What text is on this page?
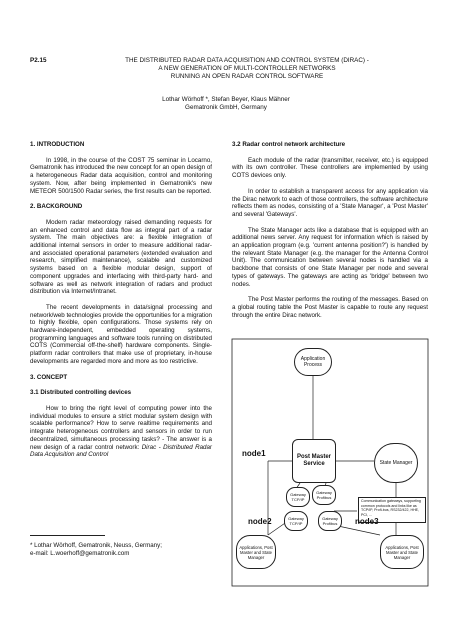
P2.15	THE DISTRIBUTED RADAR DATA ACQUISITION AND CONTROL SYSTEM (DIRAC) -
A NEW GENERATION OF MULTI-CONTROLLER NETWORKS
RUNNING AN OPEN RADAR CONTROL SOFTWARE
Lothar Wörhoff *, Stefan Beyer, Klaus Mähner
Gematronik GmbH, Germany
1. INTRODUCTION

In 1998, in the course of the COST 75 seminar in Locarno, Gematronik has introduced the new concept for an open design of a heterogeneous Radar data acquisition, control and monitoring system. Now, after being implemented in Gematronik's new METEOR 500/1500 Radar series, the first results can be reported.

2. BACKGROUND

Modern radar meteorology raised demanding requests for an enhanced control and data flow as integral part of a radar system. The main objectives are: a flexible integration of additional internal sensors in order to measure additional radar- and associated operational parameters (extended evaluation and research, simplified maintenance), scalable and customized systems based on a flexible modular design, support of component upgrades and interfacing with third-party hard- and software as well as network integration of radars and product distribution via Internet/Intranet.

The recent developments in data/signal processing and network/web technologies provide the opportunities for a migration to highly flexible, open configurations. Those systems rely on hardware-independent, embedded operating systems, programming languages and software tools running on distributed COTS (Commercial off-the-shelf) hardware components. Single-platform radar controllers that make use of proprietary, in-house developments are regarded more and more as too restrictive.

3. CONCEPT
3.1 Distributed controlling devices

How to bring the right level of computing power into the individual modules to ensure a strict modular system design with scalable performance? How to serve realtime requirements and integrate heterogeneous controllers and sensors in order to run decentralized, simultaneous processing tasks? - The answer is a new design of a radar control network: Dirac - Distributed Radar Data Acquisition and Control

* Lothar Wörhoff, Gematronik, Neuss, Germany;
e-mail: L.woerhoff@gematronik.com
3.2 Radar control network architecture

Each module of the radar (transmitter, receiver, etc.) is equipped with its own controller. These controllers are implemented by using COTS devices only.

In order to establish a transparent access for any application via the Dirac network to each of those controllers, the software architecture reflects them as nodes, consisting of a 'State Manager', a 'Post Master' and several 'Gateways'.

The State Manager acts like a database that is equipped with an additional news server. Any request for information which is raised by an application program (e.g. 'current antenna position?') is handled by the relevant State Manager (e.g. the manager for the Antenna Control Unit). The communication between several nodes is handled via a backbone that consists of one State Manager per node and several types of gateways. The gateways are acting as 'bridge' between two nodes.

The Post Master performs the routing of the messages. Based on a global routing table the Post Master is capable to route any request through the entire Dirac network.

Application Process
Post Master Service	State Manager
Communication gateways, supporting common protocols and links like as TCP/IP, Profi-bus, RS232/422, HHE, PCI, ...
node1
node2	node3
Gateway TCP/IP
Gateway Profibus
Gateway TCP/IP
Gateway Profibus
Applications, Post Master and State Manager
Applications, Post Master and State Manager
